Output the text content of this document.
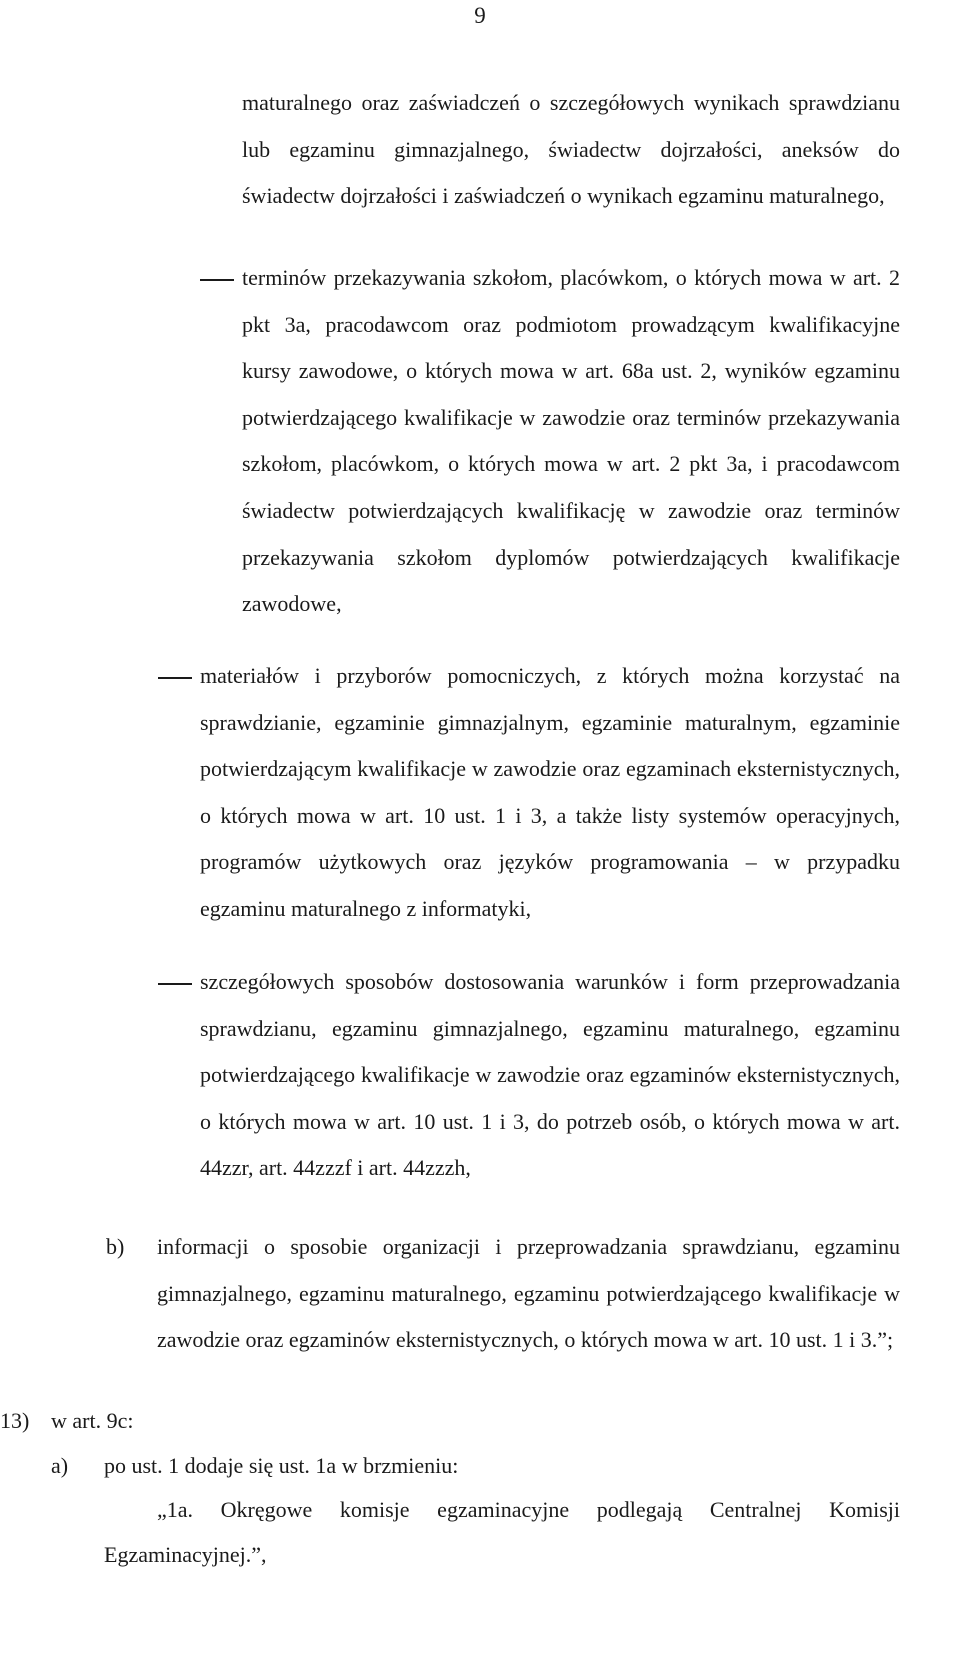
9
maturalnego oraz zaświadczeń o szczegółowych wynikach sprawdzianu lub egzaminu gimnazjalnego, świadectw dojrzałości, aneksów do świadectw dojrzałości i zaświadczeń o wynikach egzaminu maturalnego,
terminów przekazywania szkołom, placówkom, o których mowa w art. 2 pkt 3a, pracodawcom oraz podmiotom prowadzącym kwalifikacyjne kursy zawodowe, o których mowa w art. 68a ust. 2, wyników egzaminu potwierdzającego kwalifikacje w zawodzie oraz terminów przekazywania szkołom, placówkom, o których mowa w art. 2 pkt 3a, i pracodawcom świadectw potwierdzających kwalifikację w zawodzie oraz terminów przekazywania szkołom dyplomów potwierdzających kwalifikacje zawodowe,
materiałów i przyborów pomocniczych, z których można korzystać na sprawdzianie, egzaminie gimnazjalnym, egzaminie maturalnym, egzaminie potwierdzającym kwalifikacje w zawodzie oraz egzaminach eksternistycznych, o których mowa w art. 10 ust. 1 i 3, a także listy systemów operacyjnych, programów użytkowych oraz języków programowania – w przypadku egzaminu maturalnego z informatyki,
szczegółowych sposobów dostosowania warunków i form przeprowadzania sprawdzianu, egzaminu gimnazjalnego, egzaminu maturalnego, egzaminu potwierdzającego kwalifikacje w zawodzie oraz egzaminów eksternistycznych, o których mowa w art. 10 ust. 1 i 3, do potrzeb osób, o których mowa w art. 44zzr, art. 44zzzf i art. 44zzzh,
b) informacji o sposobie organizacji i przeprowadzania sprawdzianu, egzaminu gimnazjalnego, egzaminu maturalnego, egzaminu potwierdzającego kwalifikacje w zawodzie oraz egzaminów eksternistycznych, o których mowa w art. 10 ust. 1 i 3.”;
13) w art. 9c:
a) po ust. 1 dodaje się ust. 1a w brzmieniu:
„1a. Okręgowe komisje egzaminacyjne podlegają Centralnej Komisji
Egzaminacyjnej.”,
